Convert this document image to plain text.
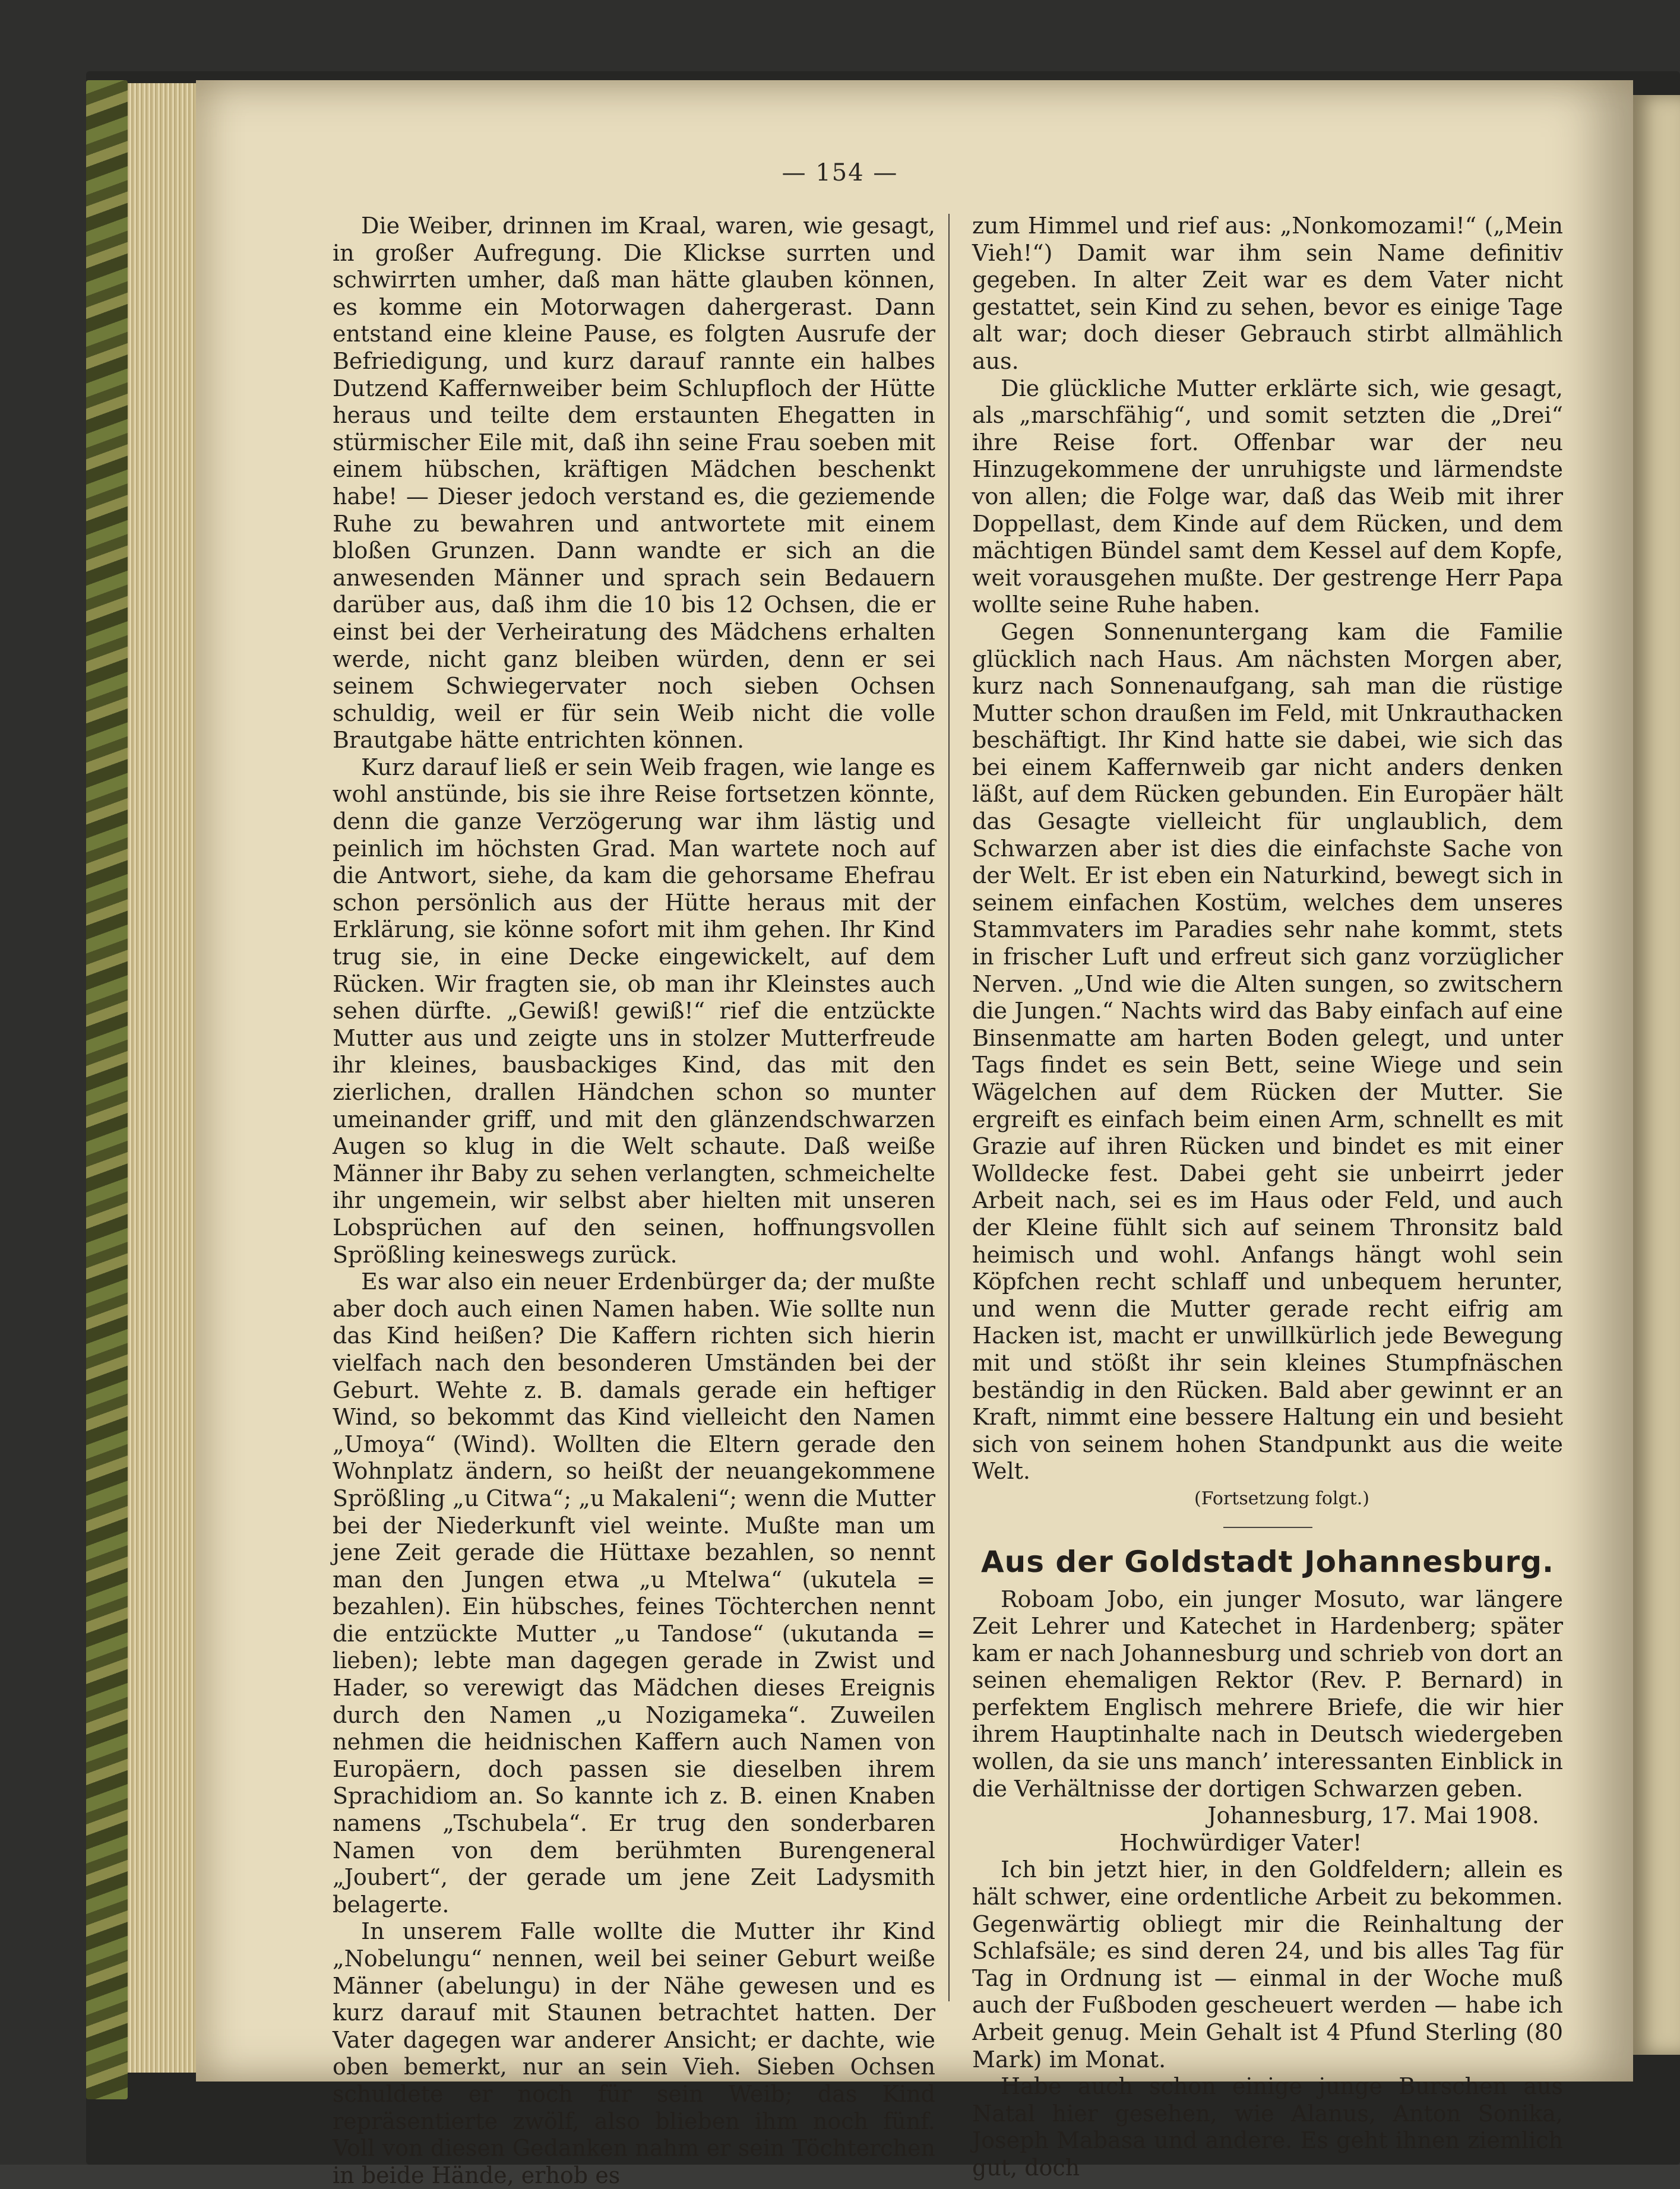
— 154 —

Die Weiber, drinnen im Kraal, waren, wie gesagt, in großer Aufregung. Die Klickse surrten und schwirrten umher, daß man hätte glauben können, es komme ein Motorwagen dahergerast. Dann entstand eine kleine Pause, es folgten Ausrufe der Befriedigung, und kurz darauf rannte ein halbes Dutzend Kaffernweiber beim Schlupfloch der Hütte heraus und teilte dem erstaunten Ehegatten in stürmischer Eile mit, daß ihn seine Frau soeben mit einem hübschen, kräftigen Mädchen beschenkt habe! — Dieser jedoch verstand es, die geziemende Ruhe zu bewahren und antwortete mit einem bloßen Grunzen. Dann wandte er sich an die anwesenden Männer und sprach sein Bedauern darüber aus, daß ihm die 10 bis 12 Ochsen, die er einst bei der Verheiratung des Mädchens erhalten werde, nicht ganz bleiben würden, denn er sei seinem Schwiegervater noch sieben Ochsen schuldig, weil er für sein Weib nicht die volle Brautgabe hätte entrichten können.

Kurz darauf ließ er sein Weib fragen, wie lange es wohl anstünde, bis sie ihre Reise fortsetzen könnte, denn die ganze Verzögerung war ihm lästig und peinlich im höchsten Grad. Man wartete noch auf die Antwort, siehe, da kam die gehorsame Ehefrau schon persönlich aus der Hütte heraus mit der Erklärung, sie könne sofort mit ihm gehen. Ihr Kind trug sie, in eine Decke eingewickelt, auf dem Rücken. Wir fragten sie, ob man ihr Kleinstes auch sehen dürfte. „Gewiß! gewiß!“ rief die entzückte Mutter aus und zeigte uns in stolzer Mutterfreude ihr kleines, bausbackiges Kind, das mit den zierlichen, drallen Händchen schon so munter umeinander griff, und mit den glänzendschwarzen Augen so klug in die Welt schaute. Daß weiße Männer ihr Baby zu sehen verlangten, schmeichelte ihr ungemein, wir selbst aber hielten mit unseren Lobsprüchen auf den seinen, hoffnungsvollen Sprößling keineswegs zurück.

Es war also ein neuer Erdenbürger da; der mußte aber doch auch einen Namen haben. Wie sollte nun das Kind heißen? Die Kaffern richten sich hierin vielfach nach den besonderen Umständen bei der Geburt. Wehte z. B. damals gerade ein heftiger Wind, so bekommt das Kind vielleicht den Namen „Umoya“ (Wind). Wollten die Eltern gerade den Wohnplatz ändern, so heißt der neuangekommene Sprößling „u Citwa“; „u Makaleni“; wenn die Mutter bei der Niederkunft viel weinte. Mußte man um jene Zeit gerade die Hüttaxe bezahlen, so nennt man den Jungen etwa „u Mtelwa“ (ukutela = bezahlen). Ein hübsches, feines Töchterchen nennt die entzückte Mutter „u Tandose“ (ukutanda = lieben); lebte man dagegen gerade in Zwist und Hader, so verewigt das Mädchen dieses Ereignis durch den Namen „u Nozigameka“. Zuweilen nehmen die heidnischen Kaffern auch Namen von Europäern, doch passen sie dieselben ihrem Sprachidiom an. So kannte ich z. B. einen Knaben namens „Tschubela“. Er trug den sonderbaren Namen von dem berühmten Burengeneral „Joubert“, der gerade um jene Zeit Ladysmith belagerte.

In unserem Falle wollte die Mutter ihr Kind „Nobelungu“ nennen, weil bei seiner Geburt weiße Männer (abelungu) in der Nähe gewesen und es kurz darauf mit Staunen betrachtet hatten. Der Vater dagegen war anderer Ansicht; er dachte, wie oben bemerkt, nur an sein Vieh. Sieben Ochsen schuldete er noch für sein Weib; das Kind repräsentierte zwölf, also blieben ihm noch fünf. Voll von diesen Gedanken nahm er sein Töchterchen in beide Hände, erhob es

zum Himmel und rief aus: „Nonkomozami!“ („Mein Vieh!“) Damit war ihm sein Name definitiv gegeben. In alter Zeit war es dem Vater nicht gestattet, sein Kind zu sehen, bevor es einige Tage alt war; doch dieser Gebrauch stirbt allmählich aus.

Die glückliche Mutter erklärte sich, wie gesagt, als „marschfähig“, und somit setzten die „Drei“ ihre Reise fort. Offenbar war der neu Hinzugekommene der unruhigste und lärmendste von allen; die Folge war, daß das Weib mit ihrer Doppellast, dem Kinde auf dem Rücken, und dem mächtigen Bündel samt dem Kessel auf dem Kopfe, weit vorausgehen mußte. Der gestrenge Herr Papa wollte seine Ruhe haben.

Gegen Sonnenuntergang kam die Familie glücklich nach Haus. Am nächsten Morgen aber, kurz nach Sonnenaufgang, sah man die rüstige Mutter schon draußen im Feld, mit Unkrauthacken beschäftigt. Ihr Kind hatte sie dabei, wie sich das bei einem Kaffernweib gar nicht anders denken läßt, auf dem Rücken gebunden. Ein Europäer hält das Gesagte vielleicht für unglaublich, dem Schwarzen aber ist dies die einfachste Sache von der Welt. Er ist eben ein Naturkind, bewegt sich in seinem einfachen Kostüm, welches dem unseres Stammvaters im Paradies sehr nahe kommt, stets in frischer Luft und erfreut sich ganz vorzüglicher Nerven. „Und wie die Alten sungen, so zwitschern die Jungen.“ Nachts wird das Baby einfach auf eine Binsenmatte am harten Boden gelegt, und unter Tags findet es sein Bett, seine Wiege und sein Wägelchen auf dem Rücken der Mutter. Sie ergreift es einfach beim einen Arm, schnellt es mit Grazie auf ihren Rücken und bindet es mit einer Wolldecke fest. Dabei geht sie unbeirrt jeder Arbeit nach, sei es im Haus oder Feld, und auch der Kleine fühlt sich auf seinem Thronsitz bald heimisch und wohl. Anfangs hängt wohl sein Köpfchen recht schlaff und unbequem herunter, und wenn die Mutter gerade recht eifrig am Hacken ist, macht er unwillkürlich jede Bewegung mit und stößt ihr sein kleines Stumpfnäschen beständig in den Rücken. Bald aber gewinnt er an Kraft, nimmt eine bessere Haltung ein und besieht sich von seinem hohen Standpunkt aus die weite Welt.

(Fortsetzung folgt.)

Aus der Goldstadt Johannesburg.

Roboam Jobo, ein junger Mosuto, war längere Zeit Lehrer und Katechet in Hardenberg; später kam er nach Johannesburg und schrieb von dort an seinen ehemaligen Rektor (Rev. P. Bernard) in perfektem Englisch mehrere Briefe, die wir hier ihrem Hauptinhalte nach in Deutsch wiedergeben wollen, da sie uns manch’ interessanten Einblick in die Verhältnisse der dortigen Schwarzen geben.

Johannesburg, 17. Mai 1908.

Hochwürdiger Vater!

Ich bin jetzt hier, in den Goldfeldern; allein es hält schwer, eine ordentliche Arbeit zu bekommen. Gegenwärtig obliegt mir die Reinhaltung der Schlafsäle; es sind deren 24, und bis alles Tag für Tag in Ordnung ist — einmal in der Woche muß auch der Fußboden gescheuert werden — habe ich Arbeit genug. Mein Gehalt ist 4 Pfund Sterling (80 Mark) im Monat.

Habe auch schon einige junge Burschen aus Natal hier gesehen, wie Alanus, Anton Sonika, Joseph Mabasa und andere. Es geht ihnen ziemlich gut, doch
